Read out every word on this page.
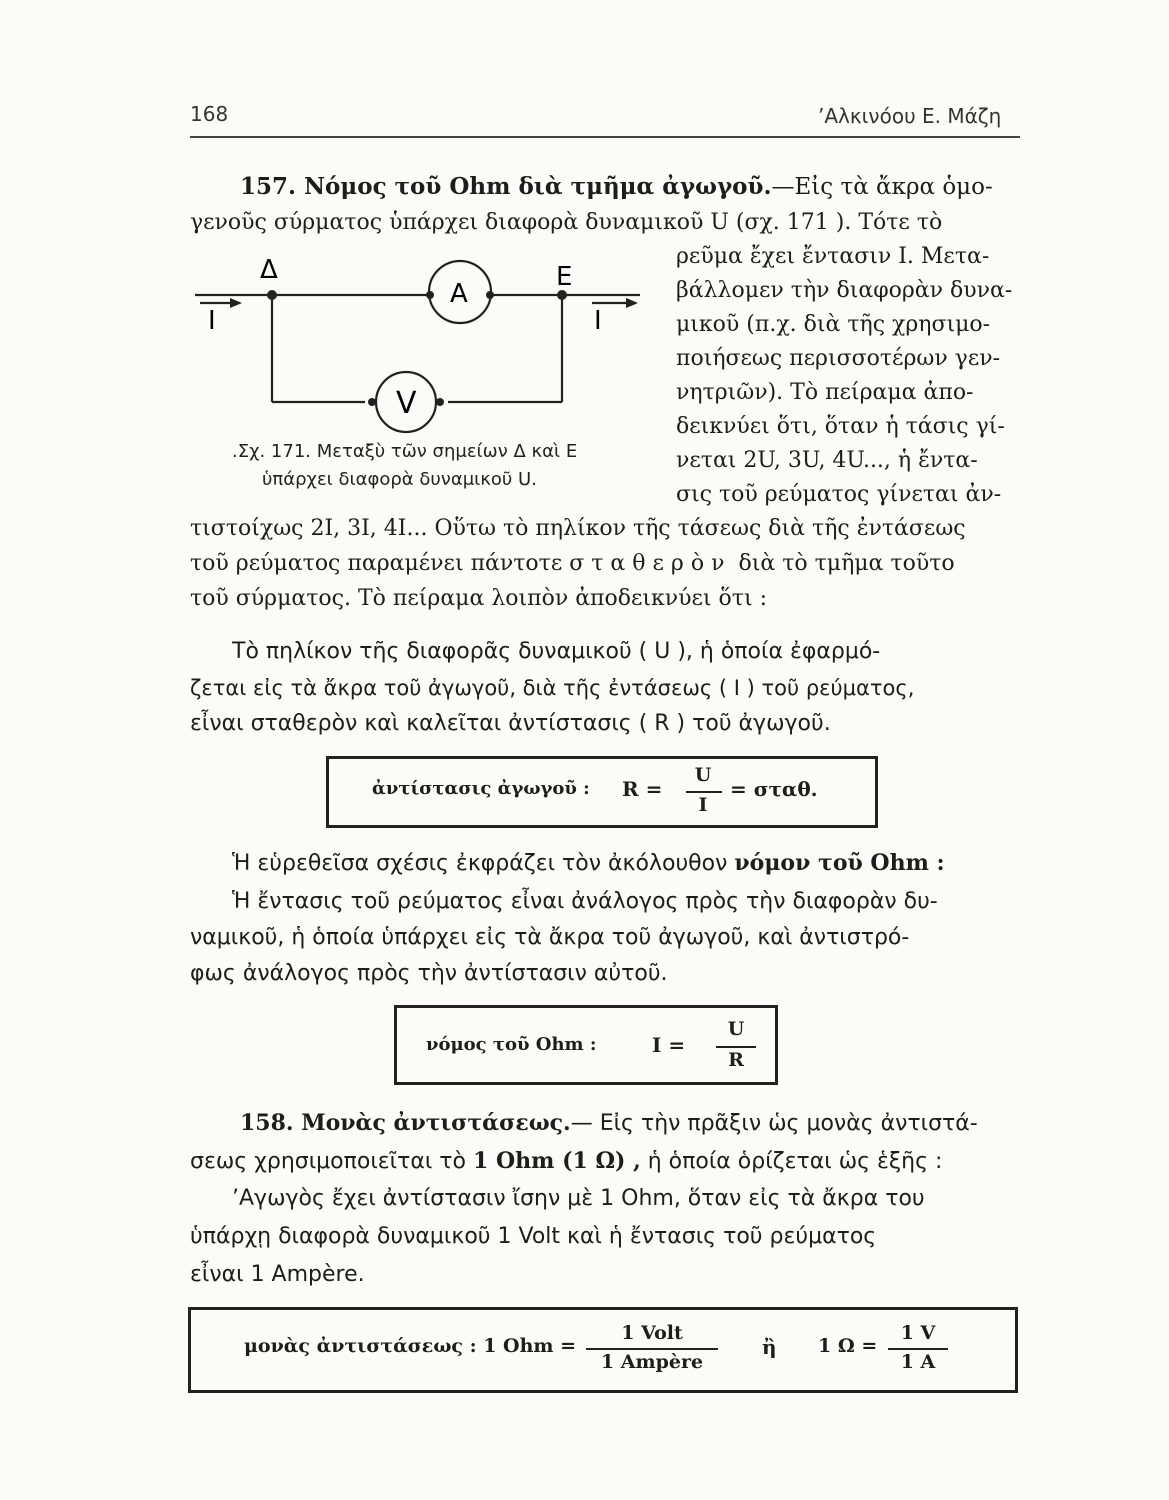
168	’Αλκινόου Ε. Μάζη
157. Νόμος τοῦ Ohm διὰ τμῆμα ἀγωγοῦ.—Εἰς τὰ ἄκρα ὁμο-
γενοῦς σύρματος ὑπάρχει διαφορὰ δυναμικοῦ U (σχ. 171 ). Τότε τὸ
Δ	Ε
I	I
A
V
.Σχ. 171. Μεταξὺ τῶν σημείων Δ καὶ Ε
ὑπάρχει διαφορὰ δυναμικοῦ U.
ρεῦμα ἔχει ἔντασιν I. Μετα-
βάλλομεν τὴν διαφορὰν δυνα-
μικοῦ (π.χ. διὰ τῆς χρησιμο-
ποιήσεως περισσοτέρων γεν-
νητριῶν). Τὸ πείραμα ἀπο-
δεικνύει ὅτι, ὅταν ἡ τάσις γί-
νεται 2U, 3U, 4U..., ἡ ἔντα-
σις τοῦ ρεύματος γίνεται ἀν-
τιστοίχως 2I, 3I, 4I... Οὕτω τὸ πηλίκον τῆς τάσεως διὰ τῆς ἐντάσεως
τοῦ ρεύματος παραμένει πάντοτε σταθερὸν διὰ τὸ τμῆμα τοῦτο
τοῦ σύρματος. Τὸ πείραμα λοιπὸν ἀποδεικνύει ὅτι :
Τὸ πηλίκον τῆς διαφορᾶς δυναμικοῦ ( U ), ἡ ὁποία ἐφαρμό-
ζεται εἰς τὰ ἄκρα τοῦ ἀγωγοῦ, διὰ τῆς ἐντάσεως ( I ) τοῦ ρεύματος,
εἶναι σταθερὸν καὶ καλεῖται ἀντίστασις ( R ) τοῦ ἀγωγοῦ.
ἀντίστασις ἀγωγοῦ : R =
U
I
= σταθ.
Ἡ εὑρεθεῖσα σχέσις ἐκφράζει τὸν ἀκόλουθον νόμον τοῦ Ohm :
Ἡ ἔντασις τοῦ ρεύματος εἶναι ἀνάλογος πρὸς τὴν διαφορὰν δυ-
ναμικοῦ, ἡ ὁποία ὑπάρχει εἰς τὰ ἄκρα τοῦ ἀγωγοῦ, καὶ ἀντιστρό-
φως ἀνάλογος πρὸς τὴν ἀντίστασιν αὐτοῦ.
νόμος τοῦ Ohm :	I =
U
R
158. Μονὰς ἀντιστάσεως.— Εἰς τὴν πρᾶξιν ὡς μονὰς ἀντιστά-
σεως χρησιμοποιεῖται τὸ 1 Ohm (1 Ω) , ἡ ὁποία ὁρίζεται ὡς ἑξῆς :
’Αγωγὸς ἔχει ἀντίστασιν ἴσην μὲ 1 Ohm, ὅταν εἰς τὰ ἄκρα του
ὑπάρχῃ διαφορὰ δυναμικοῦ 1 Volt καὶ ἡ ἔντασις τοῦ ρεύματος
εἶναι 1 Ampère.
μονὰς ἀντιστάσεως : 1 Ohm =
1 Volt
1 Ampère
ἢ 1 Ω =
1 V
1 A
